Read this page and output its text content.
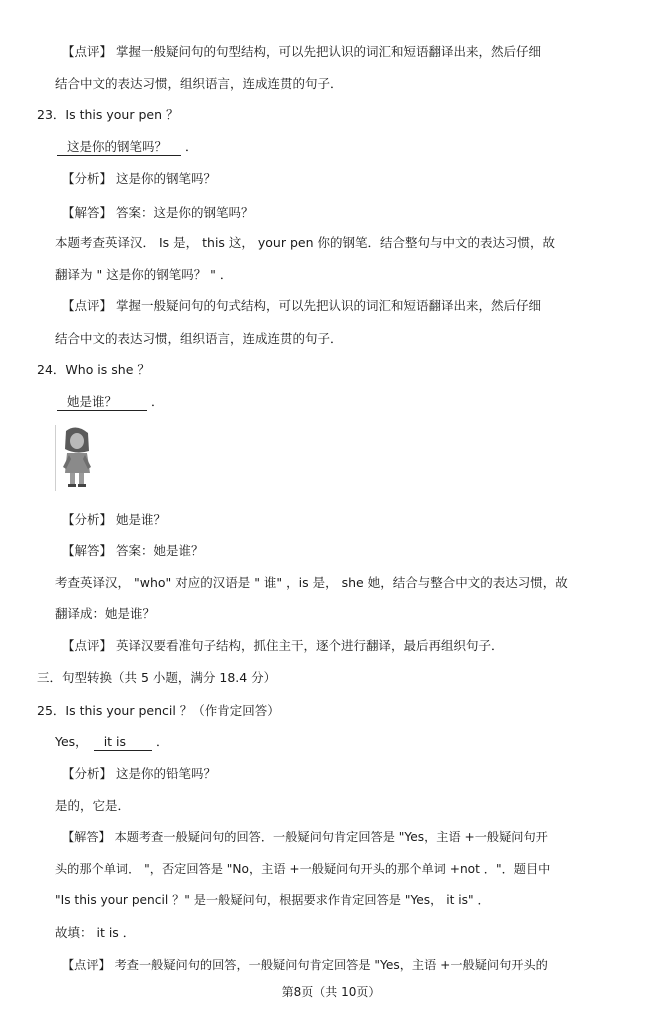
【点评】 掌握一般疑问句的句型结构，可以先把认识的词汇和短语翻译出来，然后仔细
结合中文的表达习惯，组织语言，连成连贯的句子．
23．Is this your pen ？
这是你的钢笔吗？ ．
【分析】 这是你的钢笔吗？
【解答】 答案：这是你的钢笔吗？
本题考查英译汉． Is 是， this 这， your pen 你的钢笔．结合整句与中文的表达习惯，故
翻译为 " 这是你的钢笔吗？ " ．
【点评】 掌握一般疑问句的句式结构，可以先把认识的词汇和短语翻译出来，然后仔细
结合中文的表达习惯，组织语言，连成连贯的句子．
24．Who is she ？
她是谁？	．
【分析】 她是谁？
【解答】 答案：她是谁？
考查英译汉， "who" 对应的汉语是 " 谁" ，is 是， she 她，结合与整合中文的表达习惯，故
翻译成：她是谁？
【点评】 英译汉要看准句子结构，抓住主干，逐个进行翻译，最后再组织句子．
三．句型转换（共 5 小题，满分 18.4 分）
25．Is this your pencil ？（作肯定回答）
Yes， it is ．
【分析】 这是你的铅笔吗？
是的，它是．
【解答】 本题考查一般疑问句的回答．一般疑问句肯定回答是 "Yes，主语 +一般疑问句开
头的那个单词． "，否定回答是 "No，主语 +一般疑问句开头的那个单词 +not ．"．题目中
"Is this your pencil ？" 是一般疑问句，根据要求作肯定回答是 "Yes， it is" ．
故填： it is ．
【点评】 考查一般疑问句的回答，一般疑问句肯定回答是 "Yes，主语 +一般疑问句开头的
第8页（共 10页）
